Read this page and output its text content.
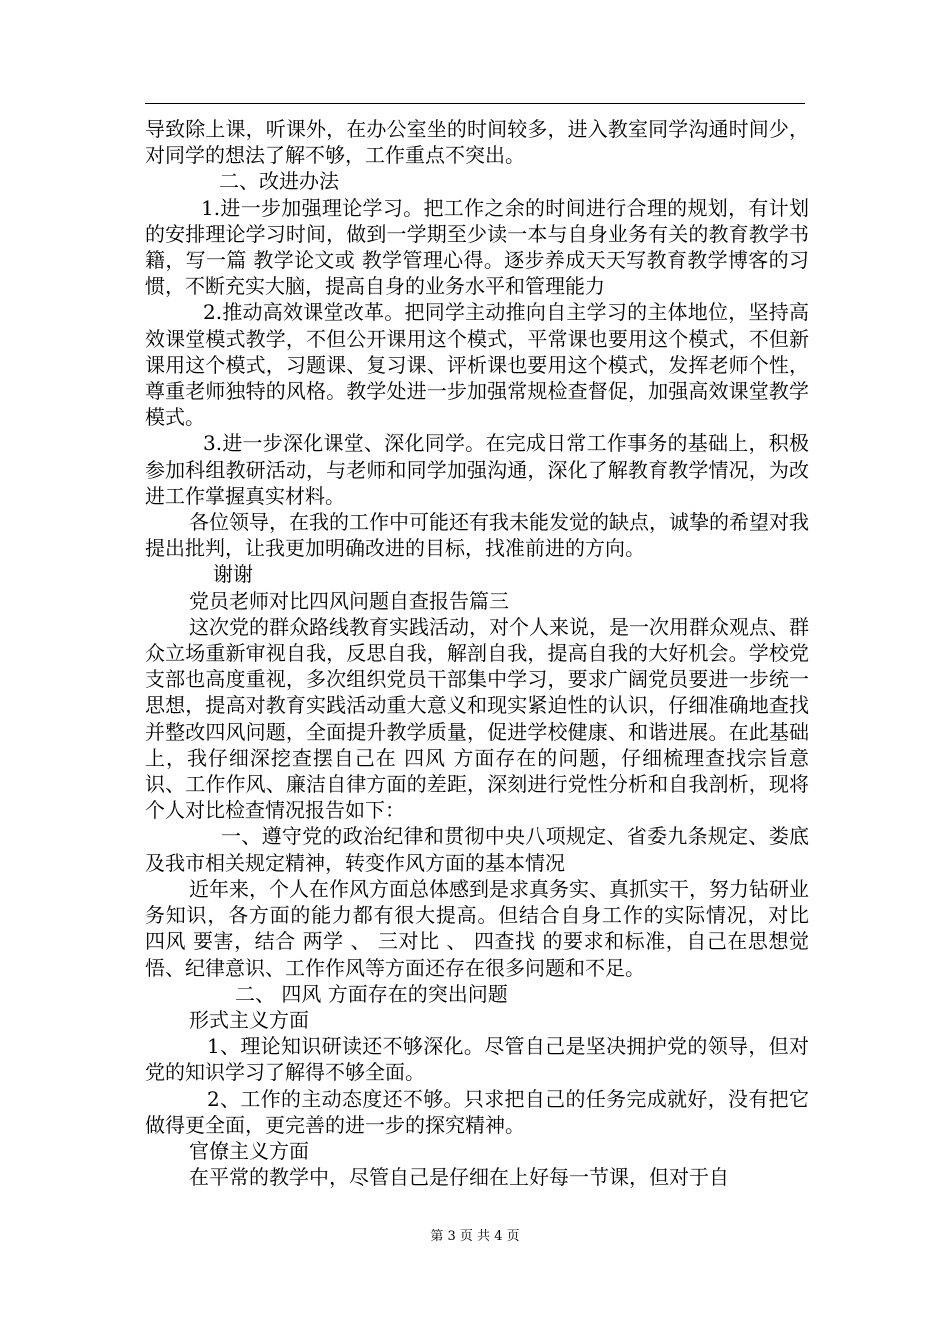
导致除上课，听课外，在办公室坐的时间较多，进入教室同学沟通时间少，对同学的想法了解不够，工作重点不突出。

二、改进办法

1.进一步加强理论学习。把工作之余的时间进行合理的规划，有计划的安排理论学习时间，做到一学期至少读一本与自身业务有关的教育教学书籍，写一篇 教学论文或 教学管理心得。逐步养成天天写教育教学博客的习惯，不断充实大脑，提高自身的业务水平和管理能力

2.推动高效课堂改革。把同学主动推向自主学习的主体地位，坚持高效课堂模式教学，不但公开课用这个模式，平常课也要用这个模式，不但新课用这个模式，习题课、复习课、评析课也要用这个模式，发挥老师个性，尊重老师独特的风格。教学处进一步加强常规检查督促，加强高效课堂教学模式。

3.进一步深化课堂、深化同学。在完成日常工作事务的基础上，积极参加科组教研活动，与老师和同学加强沟通，深化了解教育教学情况，为改进工作掌握真实材料。

各位领导，在我的工作中可能还有我未能发觉的缺点，诚挚的希望对我提出批判，让我更加明确改进的目标，找准前进的方向。

谢谢

党员老师对比四风问题自查报告篇三

这次党的群众路线教育实践活动，对个人来说，是一次用群众观点、群众立场重新审视自我，反思自我，解剖自我，提高自我的大好机会。学校党支部也高度重视，多次组织党员干部集中学习，要求广阔党员要进一步统一思想，提高对教育实践活动重大意义和现实紧迫性的认识，仔细准确地查找并整改四风问题，全面提升教学质量，促进学校健康、和谐进展。在此基础上，我仔细深挖查摆自己在 四风 方面存在的问题，仔细梳理查找宗旨意识、工作作风、廉洁自律方面的差距，深刻进行党性分析和自我剖析，现将个人对比检查情况报告如下：

一、遵守党的政治纪律和贯彻中央八项规定、省委九条规定、娄底及我市相关规定精神，转变作风方面的基本情况

近年来，个人在作风方面总体感到是求真务实、真抓实干，努力钻研业务知识，各方面的能力都有很大提高。但结合自身工作的实际情况，对比 四风 要害，结合 两学 、 三对比 、 四查找 的要求和标准，自己在思想觉悟、纪律意识、工作作风等方面还存在很多问题和不足。

二、 四风 方面存在的突出问题

形式主义方面

1、理论知识研读还不够深化。尽管自己是坚决拥护党的领导，但对党的知识学习了解得不够全面。

2、工作的主动态度还不够。只求把自己的任务完成就好，没有把它做得更全面，更完善的进一步的探究精神。

官僚主义方面

在平常的教学中，尽管自己是仔细在上好每一节课，但对于自

第 3 页 共 4 页
